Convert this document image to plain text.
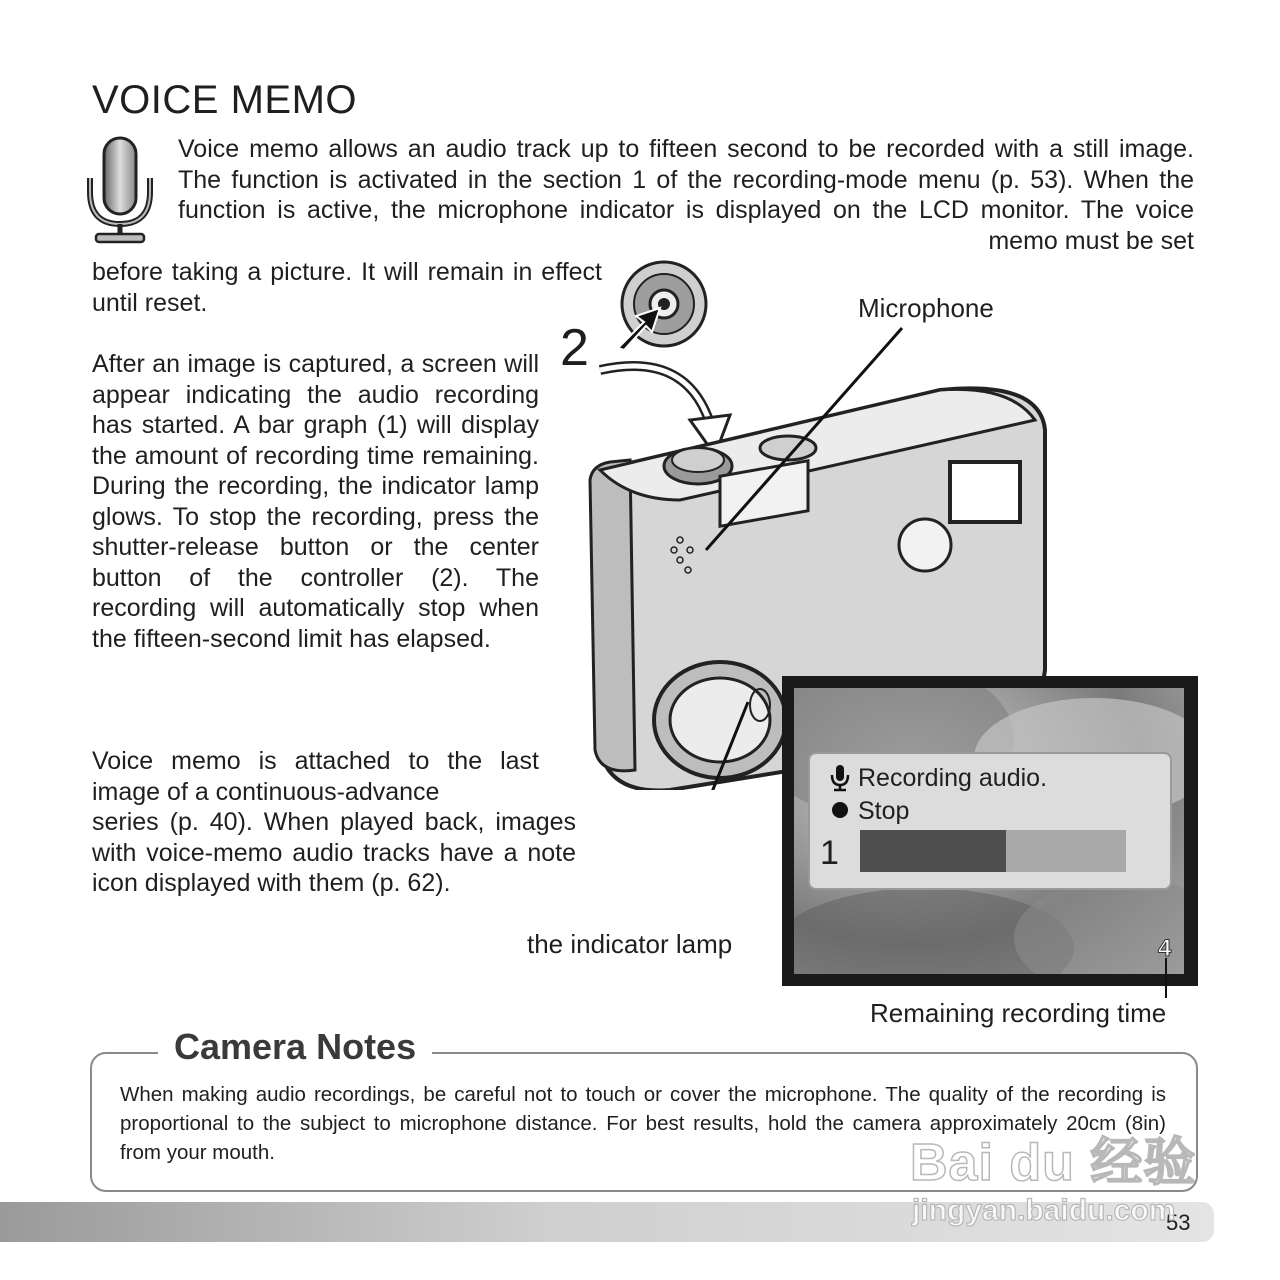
VOICE MEMO
Voice memo allows an audio track up to fifteen second to be recorded with a still image. The function is activated in the section 1 of the recording-mode menu (p. 53). When the function is active, the microphone indicator is displayed on the LCD monitor. The voice memo must be set
before taking a picture. It will remain in effect until reset.
After an image is captured, a screen will appear indicating the audio recording has started. A bar graph (1) will display the amount of recording time remaining. During the recording, the indicator lamp glows. To stop the recording, press the shutter-release button or the center button of the controller (2). The recording will automatically stop when the fifteen-second limit has elapsed.
Voice memo is attached to the last image of a continuous-advance
series (p. 40). When played back, images with voice-memo audio tracks have a note icon displayed with them (p. 62).
Microphone
2
the indicator lamp
Recording audio.
Stop
1
4
Remaining recording time
Camera Notes
When making audio recordings, be careful not to touch or cover the microphone. The quality of the recording is proportional to the subject to microphone distance. For best results, hold the camera approximately 20cm (8in) from your mouth.
53
Bai du 经验
jingyan.baidu.com
